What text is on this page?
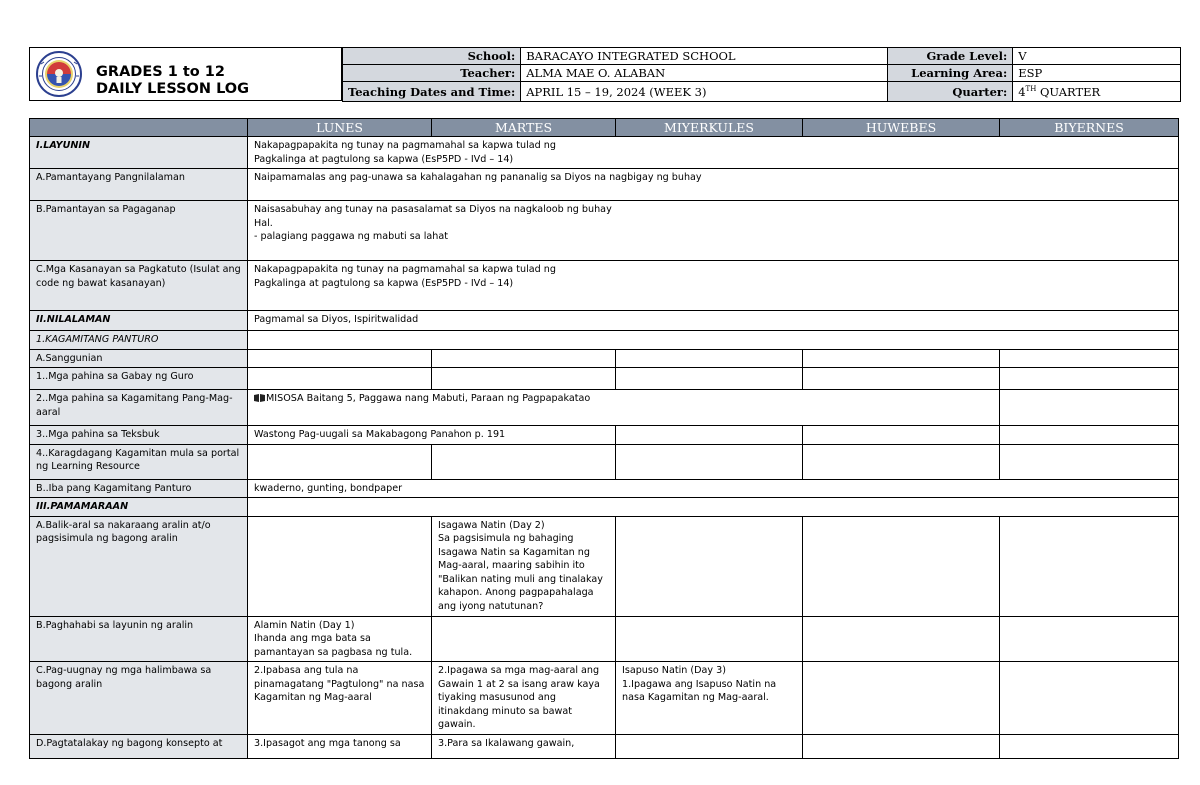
GRADES 1 to 12
DAILY LESSON LOG
School:	BARACAYO INTEGRATED SCHOOL	Grade Level:	V
Teacher:	ALMA MAE O. ALABAN	Learning Area:	ESP
Teaching Dates and Time:	APRIL 15 – 19, 2024 (WEEK 3)	Quarter:	4TH QUARTER
	LUNES	MARTES	MIYERKULES	HUWEBES	BIYERNES
I.LAYUNIN	Nakapagpapakita ng tunay na pagmamahal sa kapwa tulad ng
Pagkalinga at pagtulong sa kapwa (EsP5PD - IVd – 14)				
A.Pamantayang Pangnilalaman	Naipamamalas ang pag-unawa sa kahalagahan ng pananalig sa Diyos na nagbigay ng buhay				
B.Pamantayan sa Pagaganap	Naisasabuhay ang tunay na pasasalamat sa Diyos na nagkaloob ng buhay
Hal.
- palagiang paggawa ng mabuti sa lahat				
C.Mga Kasanayan sa Pagkatuto (Isulat ang code ng bawat kasanayan)	Nakapagpapakita ng tunay na pagmamahal sa kapwa tulad ng
Pagkalinga at pagtulong sa kapwa (EsP5PD - IVd – 14)				
II.NILALAMAN	Pagmamal sa Diyos, Ispiritwalidad				
1.KAGAMITANG PANTURO					
A.Sanggunian					
1..Mga pahina sa Gabay ng Guro					
2..Mga pahina sa Kagamitang Pang-Mag-aaral	MISOSA Baitang 5, Paggawa nang Mabuti, Paraan ng Pagpapakatao				
3..Mga pahina sa Teksbuk	Wastong Pag-uugali sa Makabagong Panahon p. 191				
4..Karagdagang Kagamitan mula sa portal ng Learning Resource					
B..Iba pang Kagamitang Panturo	kwaderno, gunting, bondpaper				
III.PAMAMARAAN					
A.Balik-aral sa nakaraang aralin at/o pagsisimula ng bagong aralin		Isagawa Natin (Day 2)
Sa pagsisimula ng bahaging Isagawa Natin sa Kagamitan ng Mag-aaral, maaring sabihin ito "Balikan nating muli ang tinalakay kahapon. Anong pagpapahalaga ang iyong natutunan?			
B.Paghahabi sa layunin ng aralin	Alamin Natin (Day 1)
Ihanda ang mga bata sa pamantayan sa pagbasa ng tula.				
C.Pag-uugnay ng mga halimbawa sa bagong aralin	2.Ipabasa ang tula na pinamagatang "Pagtulong" na nasa Kagamitan ng Mag-aaral	2.Ipagawa sa mga mag-aaral ang Gawain 1 at 2 sa isang araw kaya tiyaking masusunod ang itinakdang minuto sa bawat gawain.	Isapuso Natin (Day 3)
1.Ipagawa ang Isapuso Natin na nasa Kagamitan ng Mag-aaral.		
D.Pagtatalakay ng bagong konsepto at	3.Ipasagot ang mga tanong sa	3.Para sa Ikalawang gawain,			
